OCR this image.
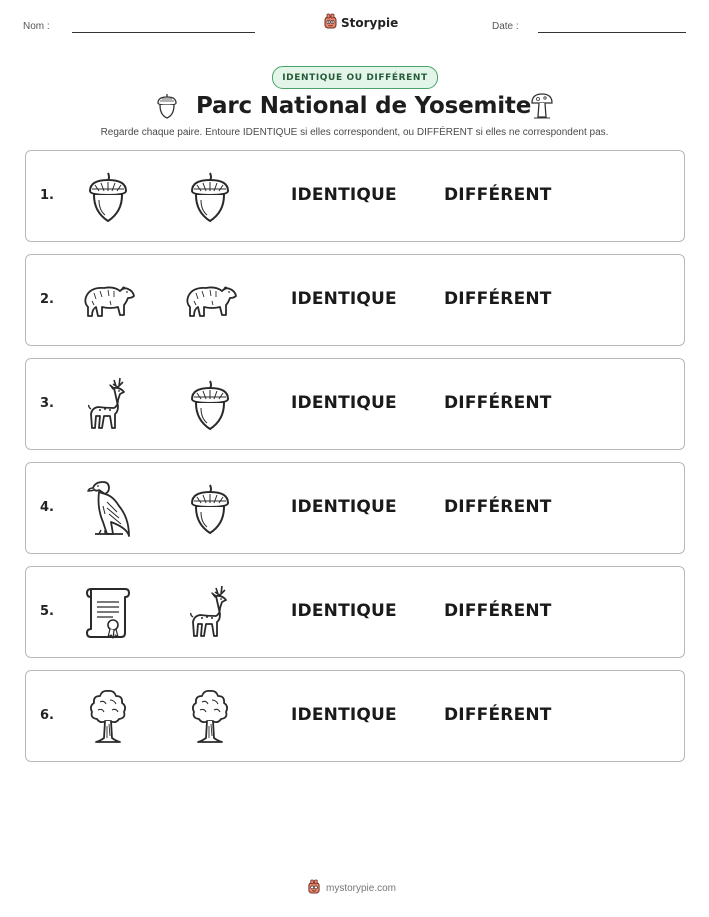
Nom :	Storypie	Date :
IDENTIQUE OU DIFFÉRENT
Parc National de Yosemite
Regarde chaque paire. Entoure IDENTIQUE si elles correspondent, ou DIFFÉRENT si elles ne correspondent pas.
1.	IDENTIQUE	DIFFÉRENT
2.	IDENTIQUE	DIFFÉRENT
3.	IDENTIQUE	DIFFÉRENT
4.	IDENTIQUE	DIFFÉRENT
5.	IDENTIQUE	DIFFÉRENT
6.	IDENTIQUE	DIFFÉRENT
mystorypie.com
